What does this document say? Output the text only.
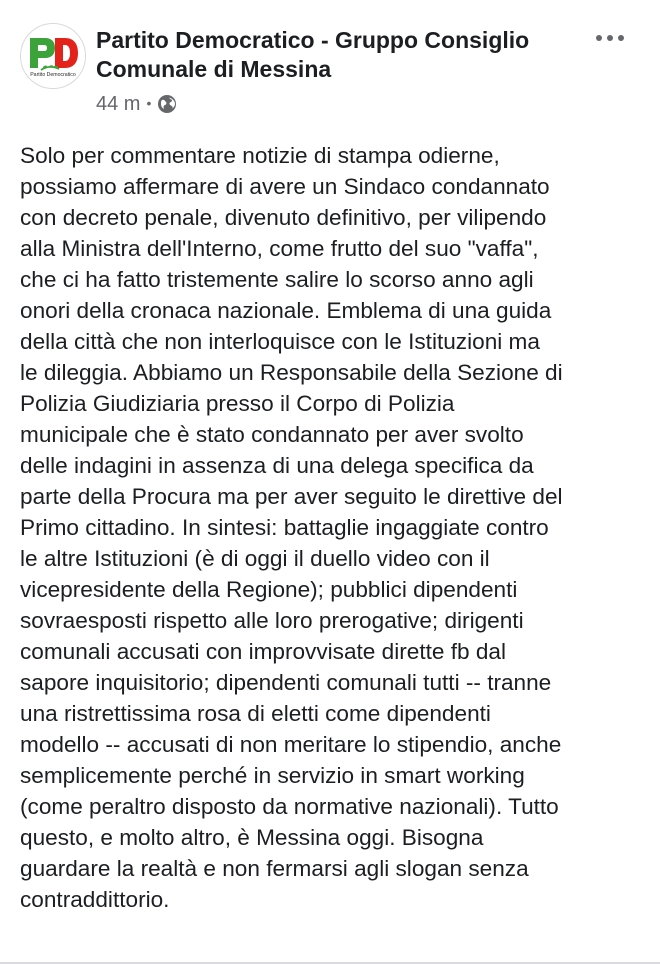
Partito Democratico
Partito Democratico - Gruppo Consiglio Comunale di Messina
44 m •

Solo per commentare notizie di stampa odierne,
possiamo affermare di avere un Sindaco condannato
con decreto penale, divenuto definitivo, per vilipendo
alla Ministra dell'Interno, come frutto del suo "vaffa",
che ci ha fatto tristemente salire lo scorso anno agli
onori della cronaca nazionale. Emblema di una guida
della città che non interloquisce con le Istituzioni ma
le dileggia. Abbiamo un Responsabile della Sezione di
Polizia Giudiziaria presso il Corpo di Polizia
municipale che è stato condannato per aver svolto
delle indagini in assenza di una delega specifica da
parte della Procura ma per aver seguito le direttive del
Primo cittadino. In sintesi: battaglie ingaggiate contro
le altre Istituzioni (è di oggi il duello video con il
vicepresidente della Regione); pubblici dipendenti
sovraesposti rispetto alle loro prerogative; dirigenti
comunali accusati con improvvisate dirette fb dal
sapore inquisitorio; dipendenti comunali tutti -- tranne
una ristrettissima rosa di eletti come dipendenti
modello -- accusati di non meritare lo stipendio, anche
semplicemente perché in servizio in smart working
(come peraltro disposto da normative nazionali). Tutto
questo, e molto altro, è Messina oggi. Bisogna
guardare la realtà e non fermarsi agli slogan senza
contraddittorio.
